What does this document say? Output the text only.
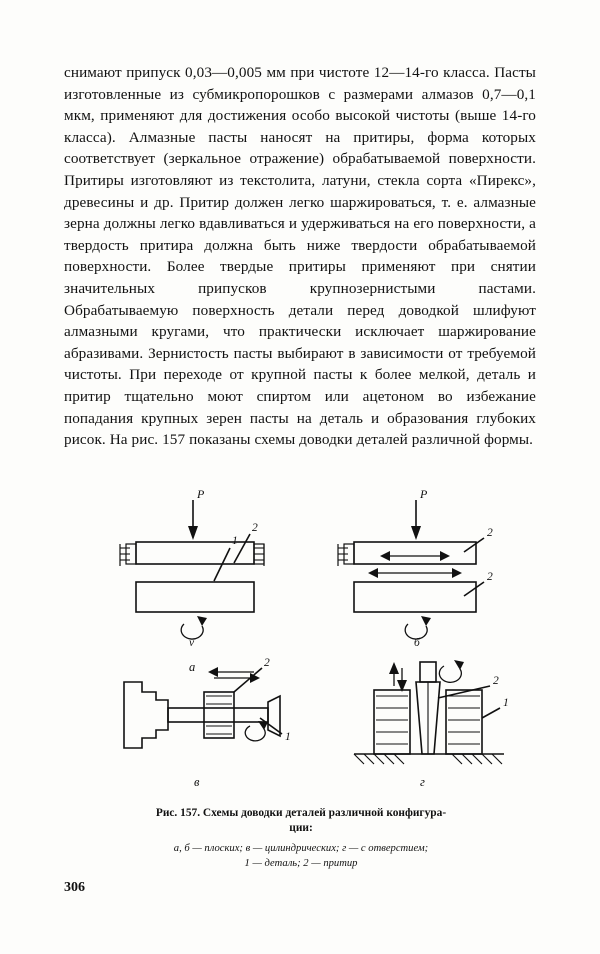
снимают припуск 0,03—0,005 мм при чистоте 12—14-го класса. Пасты изготовленные из субмикропорошков с размерами алмазов 0,7—0,1 мкм, применяют для достижения особо высокой чистоты (выше 14-го класса). Алмазные пасты наносят на притиры, форма которых соответствует (зеркальное отражение) обрабатываемой поверхности. Притиры изготовляют из текстолита, латуни, стекла сорта «Пирекс», древесины и др. Притир должен легко шаржироваться, т. е. алмазные зерна должны легко вдавливаться и удерживаться на его поверхности, а твердость притира должна быть ниже твердости обрабатываемой поверхности. Более твердые притиры применяют при снятии значительных припусков крупнозернистыми пастами. Обрабатываемую поверхность детали перед доводкой шлифуют алмазными кругами, что практически исключает шаржирование абразивами. Зернистость пасты выбирают в зависимости от требуемой чистоты. При переходе от крупной пасты к более мелкой, деталь и притир тщательно моют спиртом или ацетоном во избежание попадания крупных зерен пасты на деталь и образования глубоких рисок. На рис. 157 показаны схемы доводки деталей различной формы.

Р
1
2
v
а
Р
2
2
б
2
1
в
2
1
г
Рис. 157. Схемы доводки деталей различной конфигура-
ции:
а, б — плоских; в — цилиндрических; г — с отверстием;
1 — деталь; 2 — притир
306
